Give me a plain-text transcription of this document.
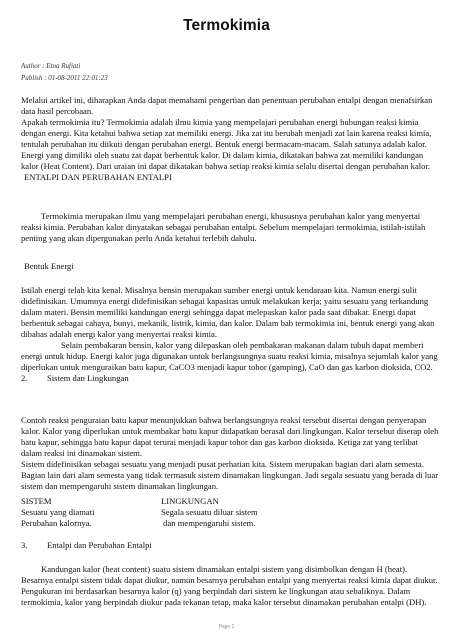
Termokimia
Author : Etna Rufiati
Publish : 01-08-2011 22:01:23

Melalui artikel ini, diharapkan Anda dapat memahami pengertian dan penentuan perubahan entalpi dengan menafsirkan data hasil percobaan.

Apakah termokimia itu? Termokimia adalah ilmu kimia yang mempelajari perubahan energi hubungan reaksi kimia dengan energi. Kita ketahui bahwa setiap zat memiliki energi. Jika zat itu berubah menjadi zat lain karena reaksi kimia, tentulah perubahan itu diikuti dengan perubahan energi. Bentuk energi bermacam-macam. Salah satunya adalah kalor. Energi yang dimiliki oleh suatu zat dapat berbentuk kalor. Di dalam kimia, dikatakan bahwa zat memiliki kandungan kalor (Heat Content). Dari uraian ini dapat dikatakan bahwa setiap reaksi kimia selalu disertai dengan perubahan kalor.

ENTALPI DAN PERUBAHAN ENTALPI

Termokimia merupakan ilmu yang mempelajari perubahan energi, khususnya perubahan kalor yang menyertai reaksi kimia. Perubahan kalor dinyatakan sebagai perubahan entalpi. Sebelum mempelajari termokimia, istilah-istilah penting yang akan dipergunakan perlu Anda ketahui terlebih dahulu.

Bentuk Energi

Istilah energi telah kita kenal. Misalnya bensin merupakan sumber energi untuk kendaraan kita. Namun energi sulit didefinisikan. Umumnya energi didefinisikan sebagai kapasitas untuk melakukan kerja; yaitu sesuatu yang terkandung dalam materi. Bensin memiliki kandungan energi sehingga dapat melepaskan kalor pada saat dibakar. Energi dapat berbentuk sebagai cahaya, bunyi, mekanik, listrik, kimia, dan kalor. Dalam bab termokimia ini, bentuk energi yang akan dibahas adalah energi kalor yang menyertai reaksi kimia.

Selain pembakaran bensin, kalor yang dilepaskan oleh pembakaran makanan dalam tubuh dapat memberi energi untuk hidup. Energi kalor juga digunakan untuk berlangsungnya suatu reaksi kimia, misalnya sejumlah kalor yang diperlukan untuk menguraikan batu kapur, CaCO3 menjadi kapur tohor (gamping), CaO dan gas karbon dioksida, CO2.

2. Sistem dan Lingkungan

Contoh reaksi penguraian batu kapur menunjukkan bahwa berlangsungnya reaksi tersebut disertai dengan penyerapan kalor. Kalor yang diperlukan untuk membakar batu kapur didapatkan berasal dari lingkungan. Kalor tersebut diserap oleh batu kapur, sehingga batu kapur dapat terurai menjadi kapur tohor dan gas karbon dioksida. Ketiga zat yang terlibat dalam reaksi ini dinamakan sistem.

Sistem didefinisikan sebagai sesuatu yang menjadi pusat perhatian kita. Sistem merupakan bagian dari alam semesta. Bagian lain dari alam semesta yang tidak termasuk sistem dinamakan lingkungan. Jadi segala sesuatu yang berada di luar sistem dan mempengaruhi sistem dinamakan lingkungan.

SISTEM	LINGKUNGAN
Sesuatu yang diamati	Segala sesuatu diluar sistem
Perubahan kalornya.	dan mempengaruhi sistem.
3. Entalpi dan Perubahan Entalpi

Kandungan kalor (heat content) suatu sistem dinamakan entalpi sistem yang disimbolkan dengan H (heat). Besarnya entalpi sistem tidak dapat diukur, namun besarnya perubahan entalpi yang menyertai reaksi kimia dapat diukur. Pengukuran ini berdasarkan besarnya kalor (q) yang berpindah dari sistem ke lingkungan atau sebaliknya. Dalam termokimia, kalor yang berpindah diukur pada tekanan tetap, maka kalor tersebut dinamakan perubahan entalpi (DH).

Page 1
